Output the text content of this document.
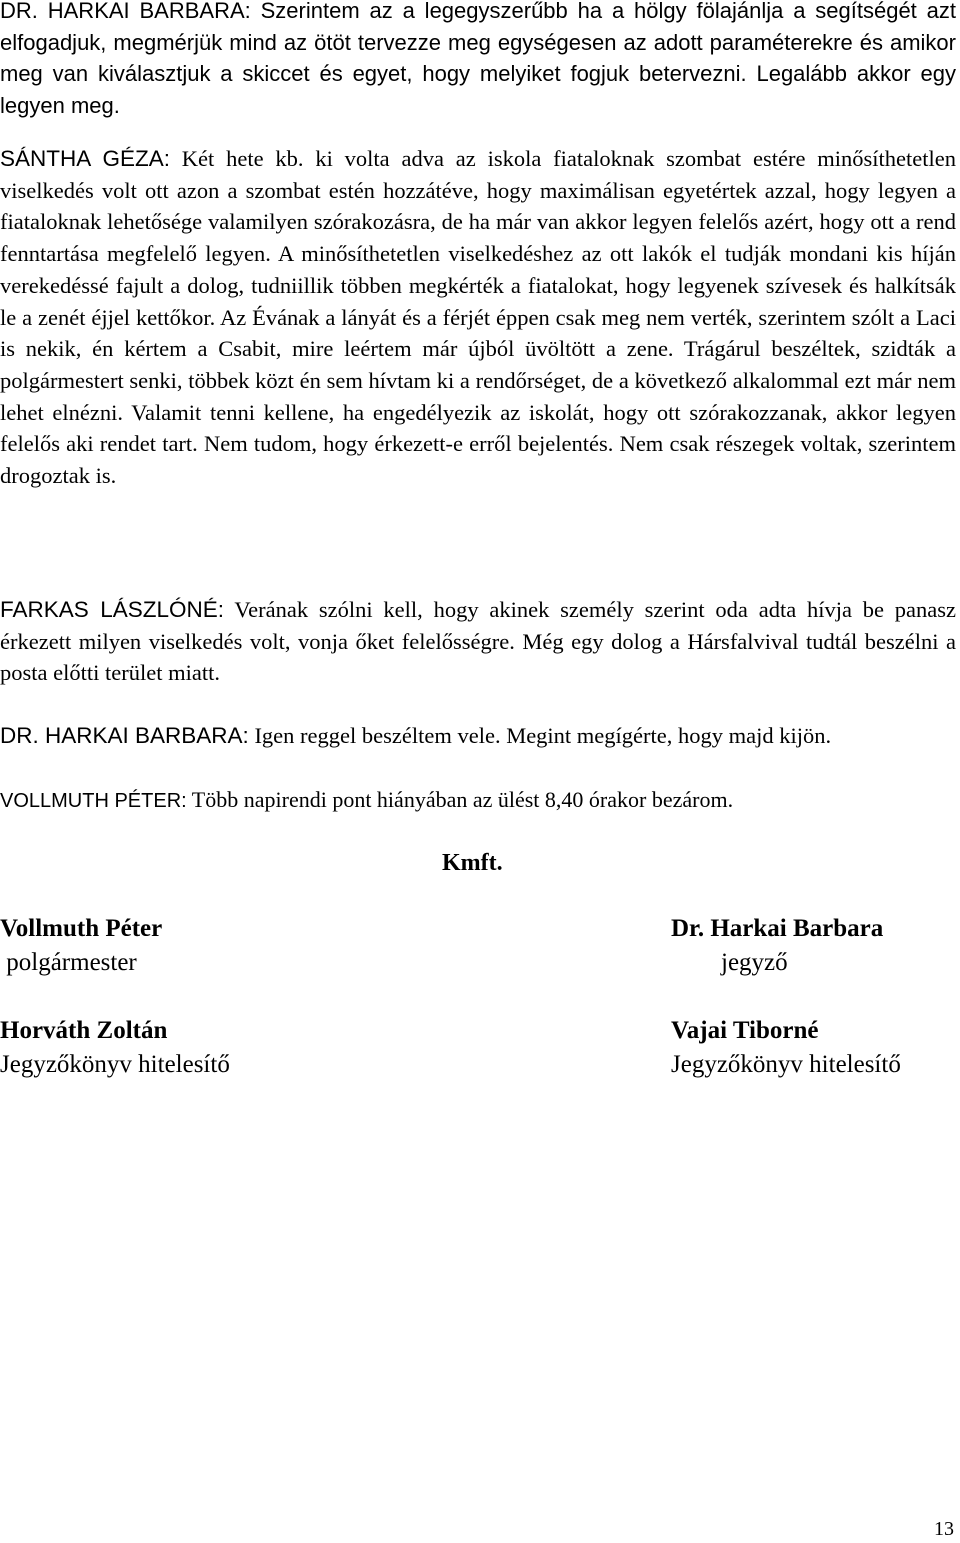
DR. HARKAI BARBARA: Szerintem az a legegyszerűbb ha a hölgy fölajánlja a segítségét azt elfogadjuk, megmérjük mind az ötöt tervezze meg egységesen az adott paraméterekre és amikor meg van kiválasztjuk a skiccet és egyet, hogy melyiket fogjuk betervezni. Legalább akkor egy legyen meg.

SÁNTHA GÉZA: Két hete kb. ki volta adva az iskola fiataloknak szombat estére minősíthetetlen viselkedés volt ott azon a szombat estén hozzátéve, hogy maximálisan egyetértek azzal, hogy legyen a fiataloknak lehetősége valamilyen szórakozásra, de ha már van akkor legyen felelős azért, hogy ott a rend fenntartása megfelelő legyen. A minősíthetetlen viselkedéshez az ott lakók el tudják mondani kis híján verekedéssé fajult a dolog, tudniillik többen megkérték a fiatalokat, hogy legyenek szívesek és halkítsák le a zenét éjjel kettőkor. Az Évának a lányát és a férjét éppen csak meg nem verték, szerintem szólt a Laci is nekik, én kértem a Csabit, mire leértem már újból üvöltött a zene. Trágárul beszéltek, szidták a polgármestert senki, többek közt én sem hívtam ki a rendőrséget, de a következő alkalommal ezt már nem lehet elnézni. Valamit tenni kellene, ha engedélyezik az iskolát, hogy ott szórakozzanak, akkor legyen felelős aki rendet tart. Nem tudom, hogy érkezett-e erről bejelentés. Nem csak részegek voltak, szerintem drogoztak is.

FARKAS LÁSZLÓNÉ: Verának szólni kell, hogy akinek személy szerint oda adta hívja be panasz érkezett milyen viselkedés volt, vonja őket felelősségre. Még egy dolog a Hársfalvival tudtál beszélni a posta előtti terület miatt.

DR. HARKAI BARBARA: Igen reggel beszéltem vele. Megint megígérte, hogy majd kijön.

VOLLMUTH PÉTER: Több napirendi pont hiányában az ülést 8,40 órakor bezárom.

Kmft.

Vollmuth Péter
polgármester
Dr. Harkai Barbara
jegyző
Horváth Zoltán
Jegyzőkönyv hitelesítő
Vajai Tiborné
Jegyzőkönyv hitelesítő

13
